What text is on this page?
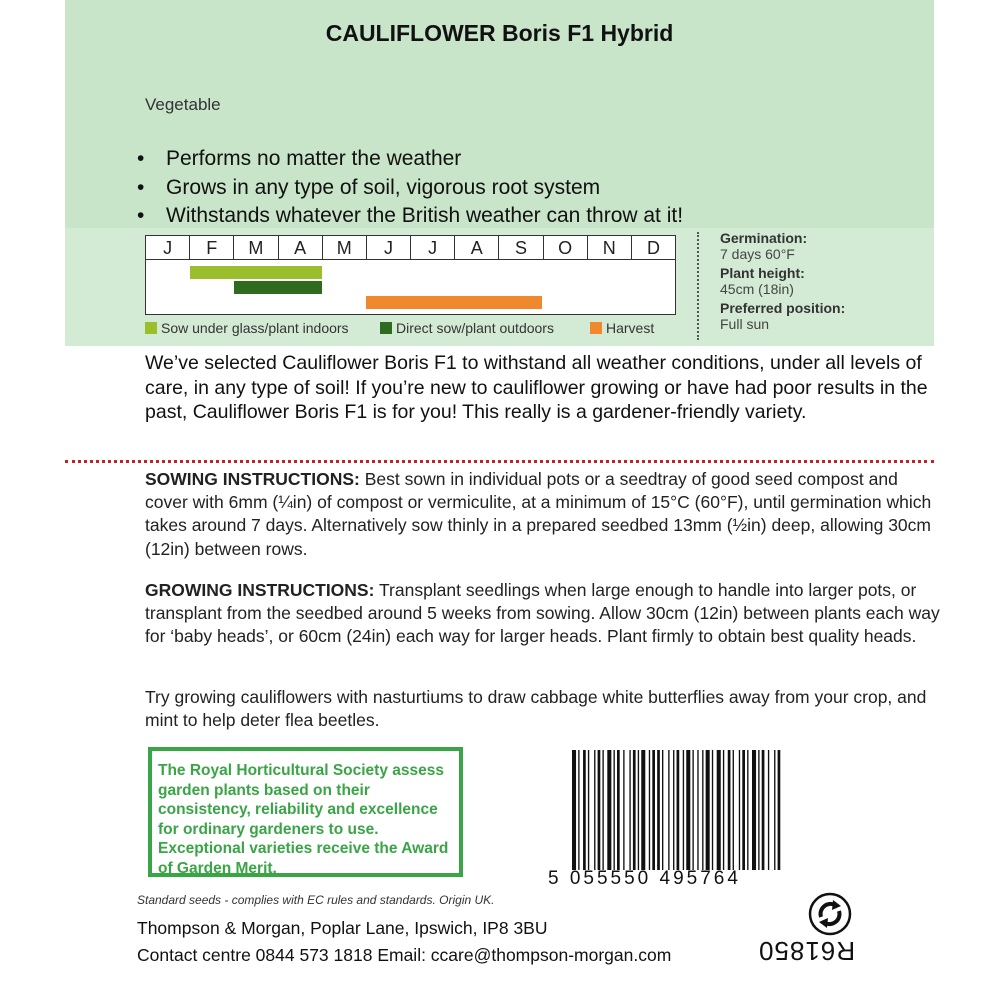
CAULIFLOWER Boris F1 Hybrid
Vegetable
• Performs no matter the weather
• Grows in any type of soil, vigorous root system
• Withstands whatever the British weather can throw at it!
J	F	M	A	M	J	J	A	S	O	N	D
Sow under glass/plant indoors	Direct sow/plant outdoors	Harvest
Germination:
7 days 60°F
Plant height:
45cm (18in)
Preferred position:
Full sun

We’ve selected Cauliflower Boris F1 to withstand all weather conditions, under all levels of care, in any type of soil! If you’re new to cauliflower growing or have had poor results in the past, Cauliflower Boris F1 is for you! This really is a gardener-friendly variety.

SOWING INSTRUCTIONS: Best sown in individual pots or a seedtray of good seed compost and cover with 6mm (¼in) of compost or vermiculite, at a minimum of 15°C (60°F), until germination which takes around 7 days. Alternatively sow thinly in a prepared seedbed 13mm (½in) deep, allowing 30cm (12in) between rows.

GROWING INSTRUCTIONS: Transplant seedlings when large enough to handle into larger pots, or transplant from the seedbed around 5 weeks from sowing. Allow 30cm (12in) between plants each way for ‘baby heads’, or 60cm (24in) each way for larger heads. Plant firmly to obtain best quality heads.

Try growing cauliflowers with nasturtiums to draw cabbage white butterflies away from your crop, and mint to help deter flea beetles.

The Royal Horticultural Society assess garden plants based on their consistency, reliability and excellence for ordinary gardeners to use. Exceptional varieties receive the Award of Garden Merit.	5 055550 495764
Standard seeds - complies with EC rules and standards. Origin UK.
Thompson & Morgan, Poplar Lane, Ipswich, IP8 3BU
Contact centre 0844 573 1818 Email: ccare@thompson-morgan.com	R61850
